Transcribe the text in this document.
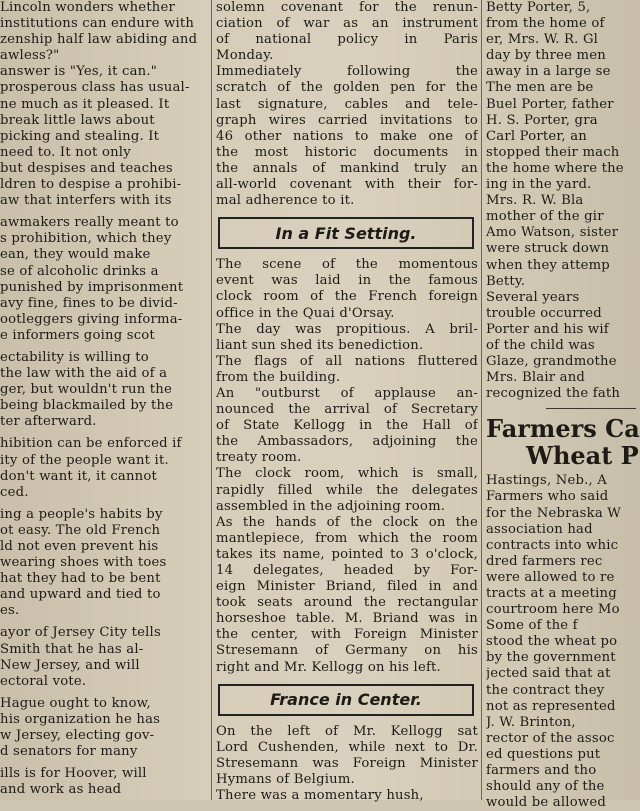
Lincoln wonders whether
institutions can endure with
zenship half law abiding and
awless?"
answer is "Yes, it can."
prosperous class has usual-
ne much as it pleased. It
break little laws about
picking and stealing. It
need to. It not only
but despises and teaches
ldren to despise a prohibi-
aw that interfers with its
awmakers really meant to
s prohibition, which they
ean, they would make
se of alcoholic drinks a
punished by imprisonment
avy fine, fines to be divid-
ootleggers giving informa-
e informers going scot
ectability is willing to
the law with the aid of a
ger, but wouldn't run the
being blackmailed by the
ter afterward.
hibition can be enforced if
ity of the people want it.
don't want it, it cannot
ced.
ing a people's habits by
ot easy. The old French
ld not even prevent his
wearing shoes with toes
hat they had to be bent
and upward and tied to
es.
ayor of Jersey City tells
Smith that he has al-
New Jersey, and will
ectoral vote.
Hague ought to know,
his organization he has
w Jersey, electing gov-
d senators for many
ills is for Hoover, will
and work as head
solemn covenant for the renun-
ciation of war as an instrument
of national policy in Paris
Monday.
Immediately following the
scratch of the golden pen for the
last signature, cables and tele-
graph wires carried invitations to
46 other nations to make one of
the most historic documents in
the annals of mankind truly an
all-world covenant with their for-
mal adherence to it.
In a Fit Setting.
The scene of the momentous
event was laid in the famous
clock room of the French foreign
office in the Quai d'Orsay.
The day was propitious. A bril-
liant sun shed its benediction.
The flags of all nations fluttered
from the building.
An "outburst of applause an-
nounced the arrival of Secretary
of State Kellogg in the Hall of
the Ambassadors, adjoining the
treaty room.
The clock room, which is small,
rapidly filled while the delegates
assembled in the adjoining room.
As the hands of the clock on the
mantlepiece, from which the room
takes its name, pointed to 3 o'clock,
14 delegates, headed by For-
eign Minister Briand, filed in and
took seats around the rectangular
horseshoe table. M. Briand was in
the center, with Foreign Minister
Stresemann of Germany on his
right and Mr. Kellogg on his left.
France in Center.
On the left of Mr. Kellogg sat
Lord Cushenden, while next to Dr.
Stresemann was Foreign Minister
Hymans of Belgium.
There was a momentary hush,
Betty Porter, 5,
from the home of
er, Mrs. W. R. Gl
day by three men
away in a large se
The men are be
Buel Porter, father
H. S. Porter, gra
Carl Porter, an
stopped their mach
the home where the
ing in the yard.
Mrs. R. W. Bla
mother of the gir
Amo Watson, sister
were struck down
when they attemp
Betty.
Several years
trouble occurred
Porter and his wif
of the child was
Glaze, grandmothe
Mrs. Blair and
recognized the fath
Farmers Ca
Wheat P
Hastings, Neb., A
Farmers who said
for the Nebraska W
association had
contracts into whic
dred farmers rec
were allowed to re
tracts at a meeting
courtroom here Mo
Some of the f
stood the wheat po
by the government
jected said that at
the contract they
not as represented
J. W. Brinton,
rector of the assoc
ed questions put
farmers and tho
should any of the
would be allowed
